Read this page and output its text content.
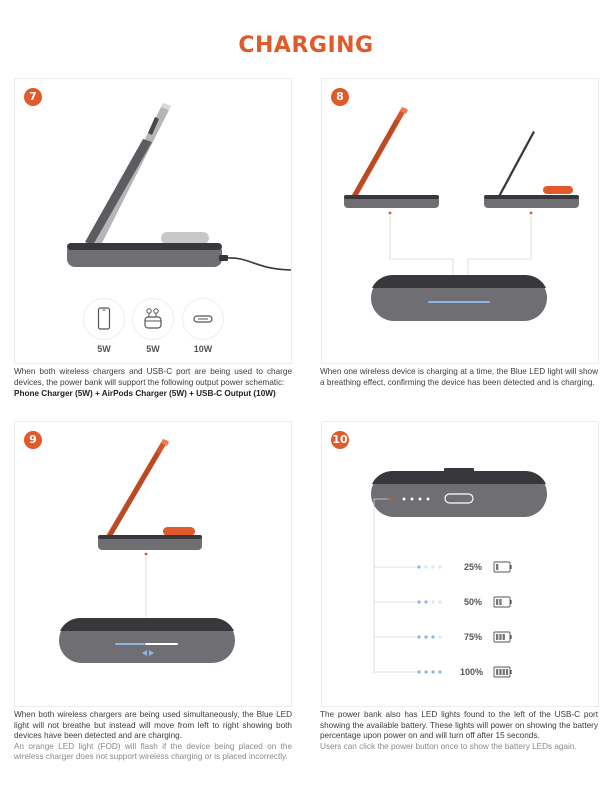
CHARGING
7
5W	5W	10W

When both wireless chargers and USB-C port are being used to charge devices, the power bank will support the following output power schematic:

Phone Charger (5W) + AirPods Charger (5W) + USB-C Output (10W)

8

When one wireless device is charging at a time, the Blue LED light will show a breathing effect, confirming the device has been detected and is charging.

9

When both wireless chargers are being used simultaneously, the Blue LED light will not breathe but instead will move from left to right showing both devices have been detected and are charging.

An orange LED light (FOD) will flash if the device being placed on the wireless charger does not support wireless charging or is placed incorrectly.

10
25%
50%
75%
100%

The power bank also has LED lights found to the left of the USB-C port showing the available battery. These lights will power on showing the battery percentage upon power on and will turn off after 15 seconds.

Users can click the power button once to show the battery LEDs again.
